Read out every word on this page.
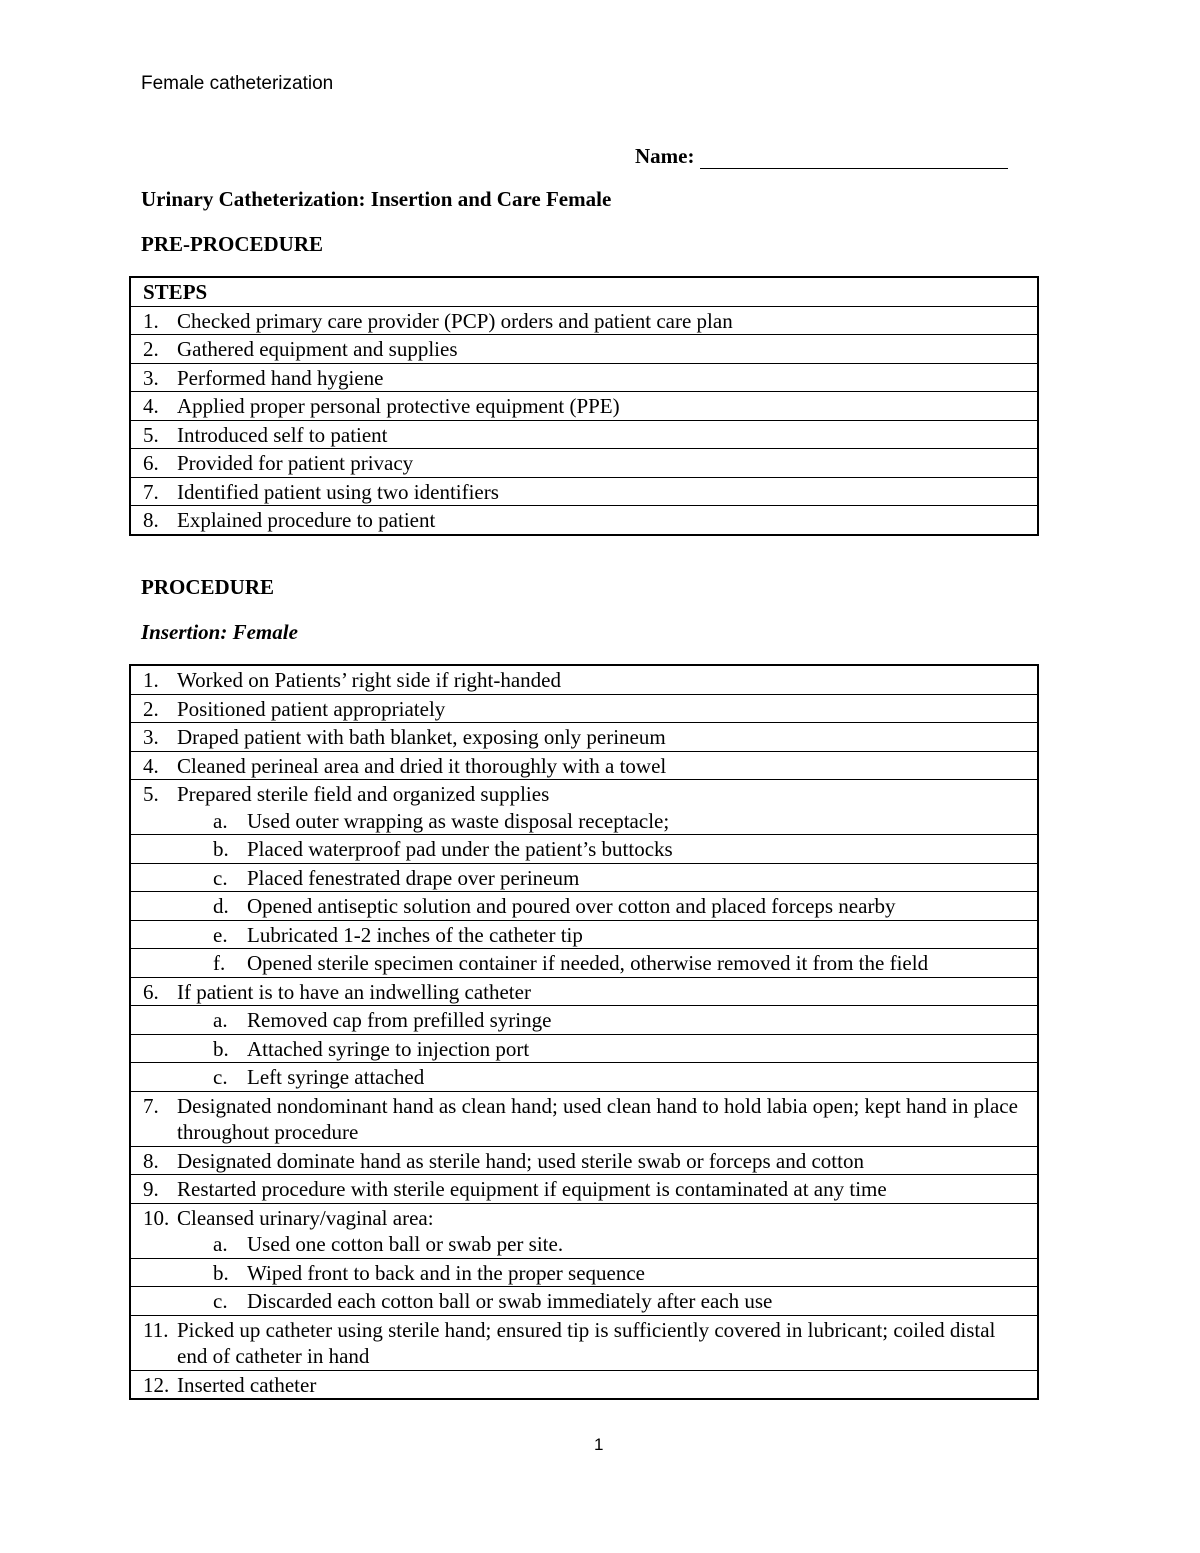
Female catheterization
Name:
Urinary Catheterization: Insertion and Care Female
PRE-PROCEDURE
STEPS
1. Checked primary care provider (PCP) orders and patient care plan
2. Gathered equipment and supplies
3. Performed hand hygiene
4. Applied proper personal protective equipment (PPE)
5. Introduced self to patient
6. Provided for patient privacy
7. Identified patient using two identifiers
8. Explained procedure to patient
PROCEDURE
Insertion: Female
1. Worked on Patients’ right side if right-handed
2. Positioned patient appropriately
3. Draped patient with bath blanket, exposing only perineum
4. Cleaned perineal area and dried it thoroughly with a towel
5. Prepared sterile field and organized supplies
a. Used outer wrapping as waste disposal receptacle;
b. Placed waterproof pad under the patient’s buttocks
c. Placed fenestrated drape over perineum
d. Opened antiseptic solution and poured over cotton and placed forceps nearby
e. Lubricated 1-2 inches of the catheter tip
f. Opened sterile specimen container if needed, otherwise removed it from the field
6. If patient is to have an indwelling catheter
a. Removed cap from prefilled syringe
b. Attached syringe to injection port
c. Left syringe attached
7. Designated nondominant hand as clean hand; used clean hand to hold labia open; kept hand in place throughout procedure
8. Designated dominate hand as sterile hand; used sterile swab or forceps and cotton
9. Restarted procedure with sterile equipment if equipment is contaminated at any time
10. Cleansed urinary/vaginal area:
a. Used one cotton ball or swab per site.
b. Wiped front to back and in the proper sequence
c. Discarded each cotton ball or swab immediately after each use
11. Picked up catheter using sterile hand; ensured tip is sufficiently covered in lubricant; coiled distal end of catheter in hand
12. Inserted catheter
1
